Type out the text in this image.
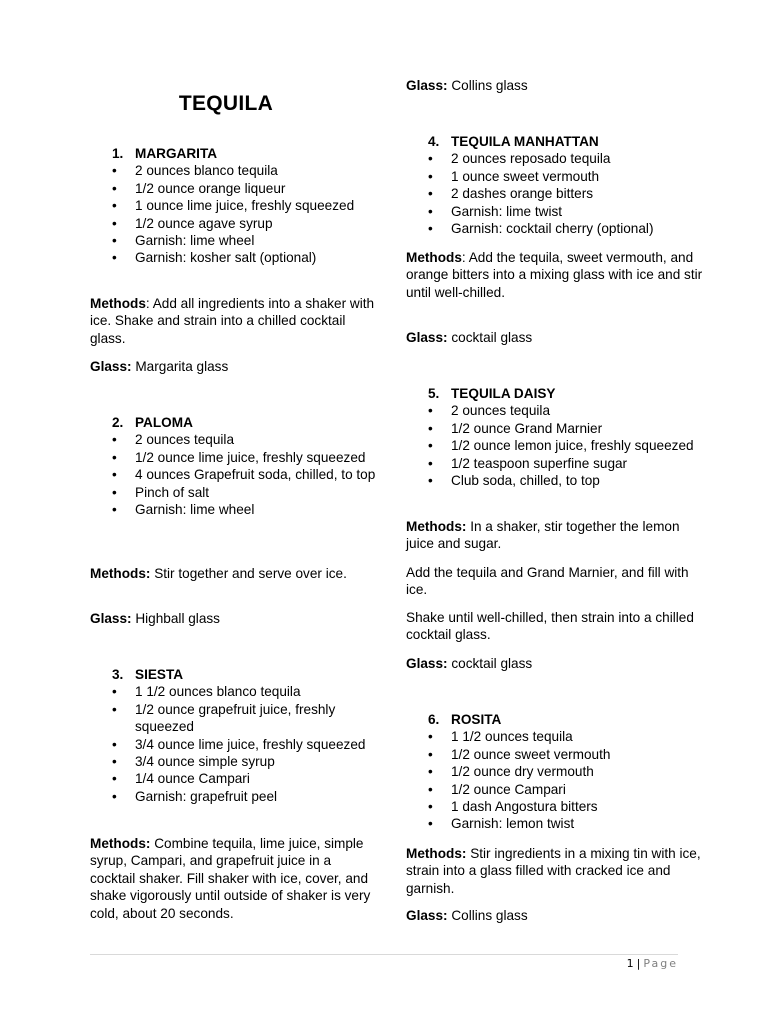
TEQUILA
1. MARGARITA
•	2 ounces blanco tequila
•	1/2 ounce orange liqueur
•	1 ounce lime juice, freshly squeezed
•	1/2 ounce agave syrup
•	Garnish: lime wheel
•	Garnish: kosher salt (optional)

Methods: Add all ingredients into a shaker with ice. Shake and strain into a chilled cocktail glass.

Glass: Margarita glass

2. PALOMA
•	2 ounces tequila
•	1/2 ounce lime juice, freshly squeezed
•	4 ounces Grapefruit soda, chilled, to top
•	Pinch of salt
•	Garnish: lime wheel

Methods: Stir together and serve over ice.

Glass: Highball glass

3. SIESTA
•	1 1/2 ounces blanco tequila
•	1/2 ounce grapefruit juice, freshly squeezed
•	3/4 ounce lime juice, freshly squeezed
•	3/4 ounce simple syrup
•	1/4 ounce Campari
•	Garnish: grapefruit peel

Methods: Combine tequila, lime juice, simple syrup, Campari, and grapefruit juice in a cocktail shaker. Fill shaker with ice, cover, and shake vigorously until outside of shaker is very cold, about 20 seconds.

Glass: Collins glass

4. TEQUILA MANHATTAN
•	2 ounces reposado tequila
•	1 ounce sweet vermouth
•	2 dashes orange bitters
•	Garnish: lime twist
•	Garnish: cocktail cherry (optional)

Methods: Add the tequila, sweet vermouth, and orange bitters into a mixing glass with ice and stir until well-chilled.

Glass: cocktail glass

5. TEQUILA DAISY
•	2 ounces tequila
•	1/2 ounce Grand Marnier
•	1/2 ounce lemon juice, freshly squeezed
•	1/2 teaspoon superfine sugar
•	Club soda, chilled, to top

Methods: In a shaker, stir together the lemon juice and sugar.

Add the tequila and Grand Marnier, and fill with ice.

Shake until well-chilled, then strain into a chilled cocktail glass.

Glass: cocktail glass

6. ROSITA
•	1 1/2 ounces tequila
•	1/2 ounce sweet vermouth
•	1/2 ounce dry vermouth
•	1/2 ounce Campari
•	1 dash Angostura bitters
•	Garnish: lemon twist

Methods: Stir ingredients in a mixing tin with ice, strain into a glass filled with cracked ice and garnish.

Glass: Collins glass

1 | Page
